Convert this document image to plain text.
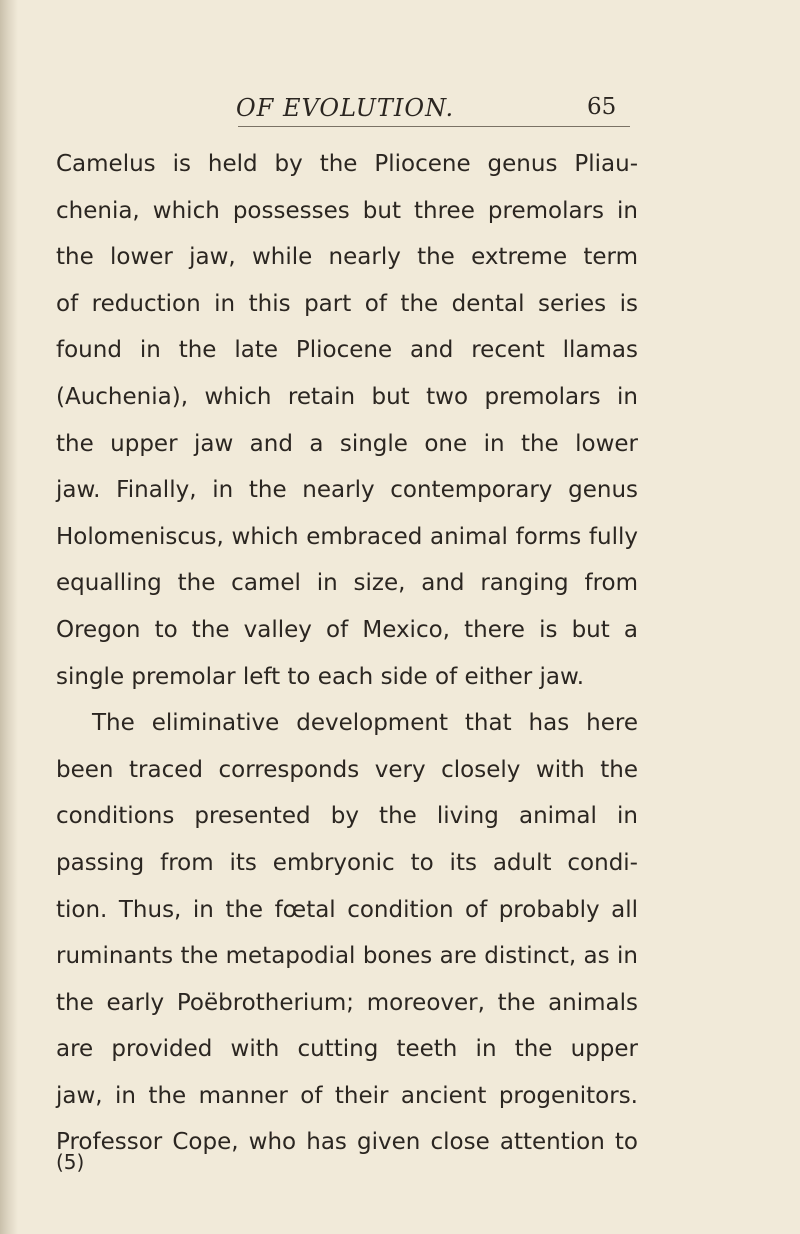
OF EVOLUTION.	65
Camelus is held by the Pliocene genus Pliau-
chenia, which possesses but three premolars in
the lower jaw, while nearly the extreme term
of reduction in this part of the dental series is
found in the late Pliocene and recent llamas
(Auchenia), which retain but two premolars in
the upper jaw and a single one in the lower
jaw. Finally, in the nearly contemporary genus
Holomeniscus, which embraced animal forms fully
equalling the camel in size, and ranging from
Oregon to the valley of Mexico, there is but a
single premolar left to each side of either jaw.
The eliminative development that has here
been traced corresponds very closely with the
conditions presented by the living animal in
passing from its embryonic to its adult condi-
tion. Thus, in the fœtal condition of probably all
ruminants the metapodial bones are distinct, as in
the early Poëbrotherium; moreover, the animals
are provided with cutting teeth in the upper
jaw, in the manner of their ancient progenitors.
Professor Cope, who has given close attention to
(5)
